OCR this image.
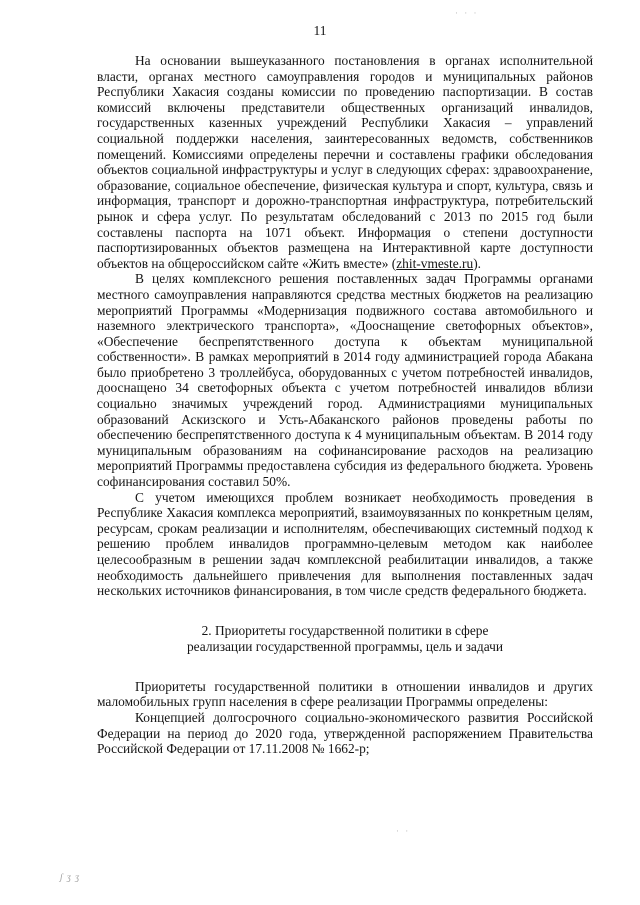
11
· · ·

На основании вышеуказанного постановления в органах исполнительной власти, органах местного самоуправления городов и муниципальных районов Республики Хакасия созданы комиссии по проведению паспортизации. В состав комиссий включены представители общественных организаций инвалидов, государственных казенных учреждений Республики Хакасия – управлений социальной поддержки населения, заинтересованных ведомств, собственников помещений. Комиссиями определены перечни и составлены графики обследования объектов социальной инфраструктуры и услуг в следующих сферах: здравоохранение, образование, социальное обеспечение, физическая культура и спорт, культура, связь и информация, транспорт и дорожно-транспортная инфраструктура, потребительский рынок и сфера услуг. По результатам обследований с 2013 по 2015 год были составлены паспорта на 1071 объект. Информация о степени доступности паспортизированных объектов размещена на Интерактивной карте доступности объектов на общероссийском сайте «Жить вместе» (zhit-vmeste.ru).

В целях комплексного решения поставленных задач Программы органами местного самоуправления направляются средства местных бюджетов на реализацию мероприятий Программы «Модернизация подвижного состава автомобильного и наземного электрического транспорта», «Дооснащение светофорных объектов», «Обеспечение беспрепятственного доступа к объектам муниципальной собственности». В рамках мероприятий в 2014 году администрацией города Абакана было приобретено 3 троллейбуса, оборудованных с учетом потребностей инвалидов, дооснащено 34 светофорных объекта с учетом потребностей инвалидов вблизи социально значимых учреждений город. Администрациями муниципальных образований Аскизского и Усть-Абаканского районов проведены работы по обеспечению беспрепятственного доступа к 4 муниципальным объектам. В 2014 году муниципальным образованиям на софинансирование расходов на реализацию мероприятий Программы предоставлена субсидия из федерального бюджета. Уровень софинансирования составил 50%.

С учетом имеющихся проблем возникает необходимость проведения в Республике Хакасия комплекса мероприятий, взаимоувязанных по конкретным целям, ресурсам, срокам реализации и исполнителям, обеспечивающих системный подход к решению проблем инвалидов программно-целевым методом как наиболее целесообразным в решении задач комплексной реабилитации инвалидов, а также необходимость дальнейшего привлечения для выполнения поставленных задач нескольких источников финансирования, в том числе средств федерального бюджета.

2. Приоритеты государственной политики в сфере
реализации государственной программы, цель и задачи

Приоритеты государственной политики в отношении инвалидов и других маломобильных групп населения в сфере реализации Программы определены:

Концепцией долгосрочного социально-экономического развития Российской Федерации на период до 2020 года, утвержденной распоряжением Правительства Российской Федерации от 17.11.2008 № 1662-р;

· ·
ʃ ʒ ʒ
